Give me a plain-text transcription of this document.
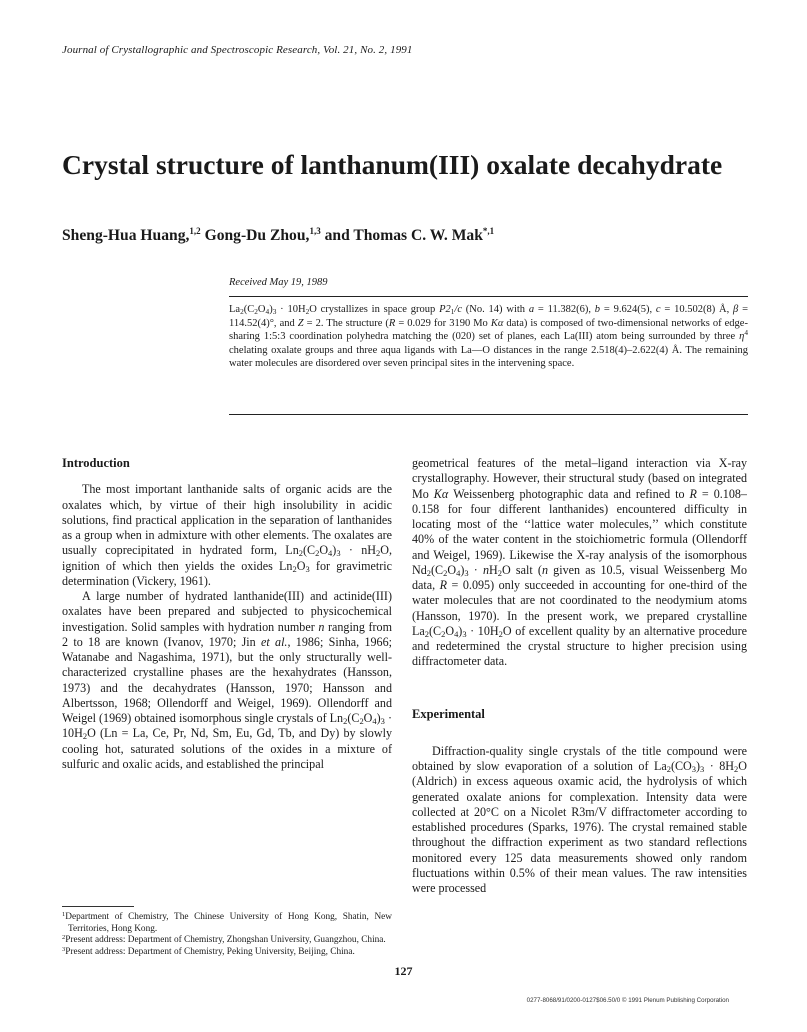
Journal of Crystallographic and Spectroscopic Research, Vol. 21, No. 2, 1991
Crystal structure of lanthanum(III) oxalate decahydrate

Sheng-Hua Huang,$^{1,2}$ Gong-Du Zhou,$^{1,3}$ and Thomas C. W. Mak$^{*,1}$

Received May 19, 1989

$La_2(C_2O_4)_3 \cdot 10H_2O$ crystallizes in space group $P2_1/c$ (No. 14) with a = 11.382(6), b = 9.624(5), c = 10.502(8) Å, β = 114.52(4)°, and Z = 2. The structure (R = 0.029 for 3190 Mo Kα data) is composed of two-dimensional networks of edge-sharing 1:5:3 coordination polyhedra matching the (020) set of planes, each La(III) atom being surrounded by three $\eta^4$ chelating oxalate groups and three aqua ligands with La—O distances in the range 2.518(4)–2.622(4) Å. The remaining water molecules are disordered over seven principal sites in the intervening space.

Introduction

The most important lanthanide salts of organic acids are the oxalates which, by virtue of their high insolubility in acidic solutions, find practical application in the separation of lanthanides as a group when in admixture with other elements. The oxalates are usually coprecipitated in hydrated form, $Ln_2(C_2O_4)_3 \cdot nH_2O$, ignition of which then yields the oxides $Ln_2O_3$ for gravimetric determination (Vickery, 1961).

A large number of hydrated lanthanide(III) and actinide(III) oxalates have been prepared and subjected to physicochemical investigation. Solid samples with hydration number n ranging from 2 to 18 are known (Ivanov, 1970; Jin et al., 1986; Sinha, 1966; Watanabe and Nagashima, 1971), but the only structurally well-characterized crystalline phases are the hexahydrates (Hansson, 1973) and the decahydrates (Hansson, 1970; Hansson and Albertsson, 1968; Ollendorff and Weigel, 1969). Ollendorff and Weigel (1969) obtained isomorphous single crystals of $Ln_2(C_2O_4)_3 \cdot 10H_2O$ (Ln = La, Ce, Pr, Nd, Sm, Eu, Gd, Tb, and Dy) by slowly cooling hot, saturated solutions of the oxides in a mixture of sulfuric and oxalic acids, and established the principal

geometrical features of the metal–ligand interaction via X-ray crystallography. However, their structural study (based on integrated Mo Kα Weissenberg photographic data and refined to R = 0.108–0.158 for four different lanthanides) encountered difficulty in locating most of the ‘‘lattice water molecules,’’ which constitute 40% of the water content in the stoichiometric formula (Ollendorff and Weigel, 1969). Likewise the X-ray analysis of the isomorphous $Nd_2(C_2O_4)_3 \cdot nH_2O$ salt (n given as 10.5, visual Weissenberg Mo data, R = 0.095) only succeeded in accounting for one-third of the water molecules that are not coordinated to the neodymium atoms (Hansson, 1970). In the present work, we prepared crystalline $La_2(C_2O_4)_3 \cdot 10H_2O$ of excellent quality by an alternative procedure and redetermined the crystal structure to higher precision using diffractometer data.

Experimental

Diffraction-quality single crystals of the title compound were obtained by slow evaporation of a solution of $La_2(CO_3)_3 \cdot 8H_2O$ (Aldrich) in excess aqueous oxamic acid, the hydrolysis of which generated oxalate anions for complexation. Intensity data were collected at 20°C on a Nicolet R3m/V diffractometer according to established procedures (Sparks, 1976). The crystal remained stable throughout the diffraction experiment as two standard reflections monitored every 125 data measurements showed only random fluctuations within 0.5% of their mean values. The raw intensities were processed

$^1$Department of Chemistry, The Chinese University of Hong Kong, Shatin, New Territories, Hong Kong.

$^2$Present address: Department of Chemistry, Zhongshan University, Guangzhou, China.

$^3$Present address: Department of Chemistry, Peking University, Beijing, China.

127
0277-8068/91/0200-0127$06.50/0 © 1991 Plenum Publishing Corporation
